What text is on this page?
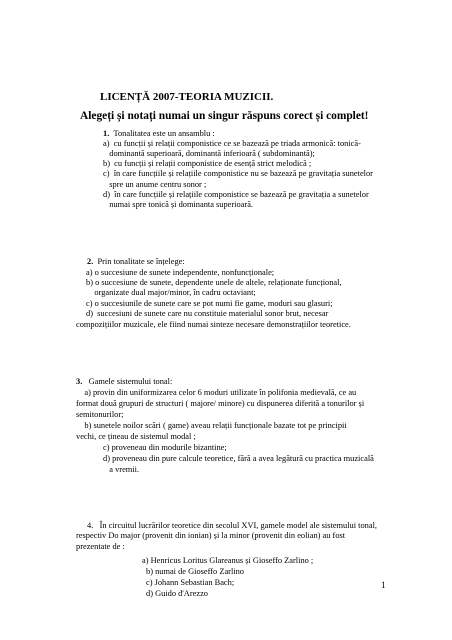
LICENȚĂ 2007-TEORIA MUZICII.
Alegeți și notați numai un singur răspuns corect și complet!
1. Tonalitatea este un ansamblu :
a)  cu funcții și relații componistice ce se bazează pe triada armonică: tonică-
dominantă superioară, dominantă inferioară ( subdominantă);
b)  cu funcții și relații componistice de esență strict melodică ;
c)  în care funcțiile și relațiile componistice nu se bazează pe gravitația sunetelor
spre un anume centru sonor ;
d)  în care funcțiile și relațiile componistice se bazează pe gravitația a sunetelor
numai spre tonică și dominanta superioară.
2. Prin tonalitate se înțelege:
a) o succesiune de sunete independente, nonfuncționale;
b) o succesiune de sunete, dependente unele de altele, relaționate funcțional,
organizate dual major/minor, în cadru octaviant;
c) o succesiunile de sunete care se pot numi fie game, moduri sau glasuri;
d)  succesiuni de sunete care nu constituie materialul sonor brut, necesar
compozițiilor muzicale, ele fiind numai sinteze necesare demonstrațiilor teoretice.
3. Gamele sistemului tonal:
a) provin din uniformizarea celor 6 moduri utilizate în polifonia medievală, ce au
format două grupuri de structuri ( majore/ minore) cu dispunerea diferită a tonurilor și
semitonurilor;
b) sunetele noilor scări ( game) aveau relații funcționale bazate tot pe principii
vechi, ce țineau de sistemul modal ;
c) proveneau din modurile bizantine;
d) proveneau din pure calcule teoretice, fără a avea legătură cu practica muzicală
a vremii.
4. În circuitul lucrărilor teoretice din secolul XVI, gamele model ale sistemului tonal,
respectiv Do major (provenit din ionian) și la minor (provenit din eolian) au fost
prezentate de :
a) Henricus Loritus Glareanus și Gioseffo Zarlino ;
b) numai de Gioseffo Zarlino
c) Johann Sebastian Bach;
d) Guido d'Arezzo
1
